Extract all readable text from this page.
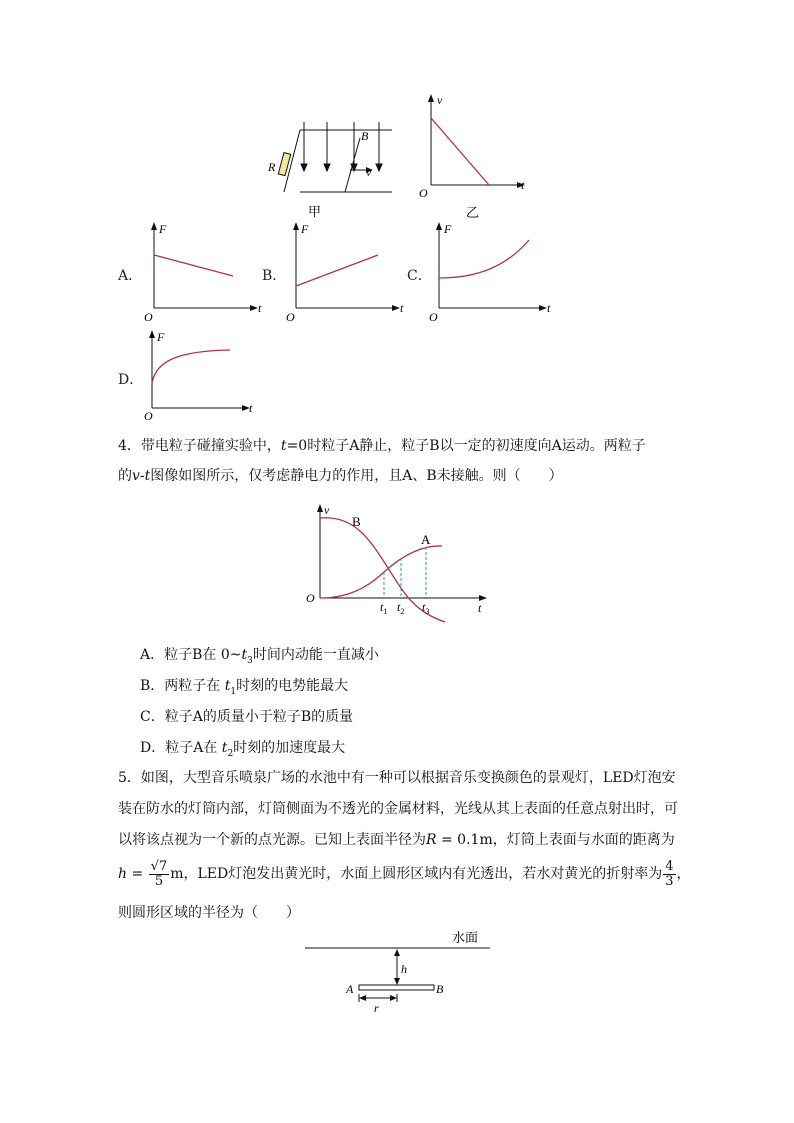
B
R	v
甲
v
t
O
乙
A．
F
t
O
B．
F
t
O
C．
F
t
O
D．
F
t
O
4．带电粒子碰撞实验中，t=0时粒子A静止，粒子B以一定的初速度向A运动。两粒子
的v-t图像如图所示，仅考虑静电力的作用，且A、B未接触。则（　　）
v
t
O
B
A
$t_1$ $t_2$ $t_3$
A．粒子B在 $0\sim t_3$时间内动能一直减小
B．两粒子在 $t_1$时刻的电势能最大
C．粒子A的质量小于粒子B的质量
D．粒子A在 $t_2$时刻的加速度最大
5．如图，大型音乐喷泉广场的水池中有一种可以根据音乐变换颜色的景观灯，LED灯泡安
装在防水的灯筒内部，灯筒侧面为不透光的金属材料，光线从其上表面的任意点射出时，可
以将该点视为一个新的点光源。已知上表面半径为R = 0.1m，灯筒上表面与水面的距离为
$h = \frac{√7}{5}$ m，LED灯泡发出黄光时，水面上圆形区域内有光透出，若水对黄光的折射率为 $\frac{4}{3}$ ，
则圆形区域的半径为（　　）
水面
h
A	B
r
